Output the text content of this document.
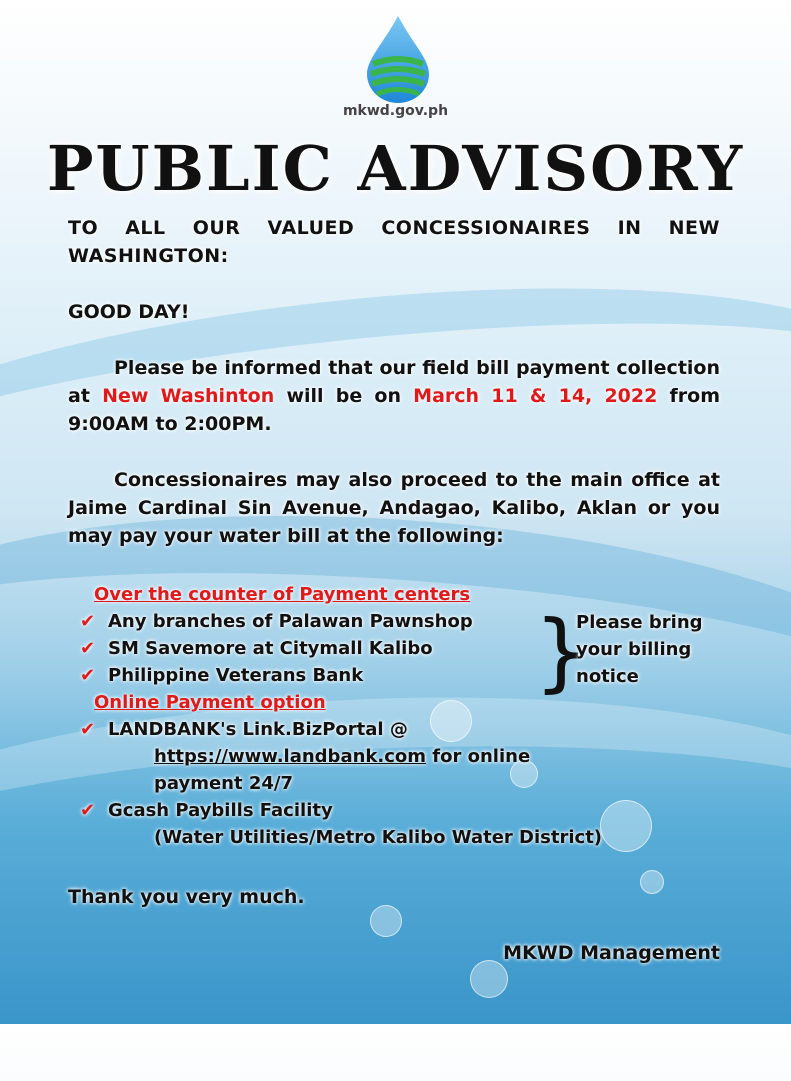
mkwd.gov.ph
PUBLIC ADVISORY

TO ALL OUR VALUED CONCESSIONAIRES IN NEW WASHINGTON:

GOOD DAY!

Please be informed that our field bill payment collection at New Washinton will be on March 11 & 14, 2022 from 9:00AM to 2:00PM.

Concessionaires may also proceed to the main office at Jaime Cardinal Sin Avenue, Andagao, Kalibo, Aklan or you may pay your water bill at the following:

Over the counter of Payment centers
✔ Any branches of Palawan Pawnshop
✔ SM Savemore at Citymall Kalibo
✔ Philippine Veterans Bank
Online Payment option
✔ LANDBANK's Link.BizPortal @
https://www.landbank.com for online
payment 24/7
✔ Gcash Paybills Facility
(Water Utilities/Metro Kalibo Water District)
}
Please bring your billing notice
Thank you very much.
MKWD Management
